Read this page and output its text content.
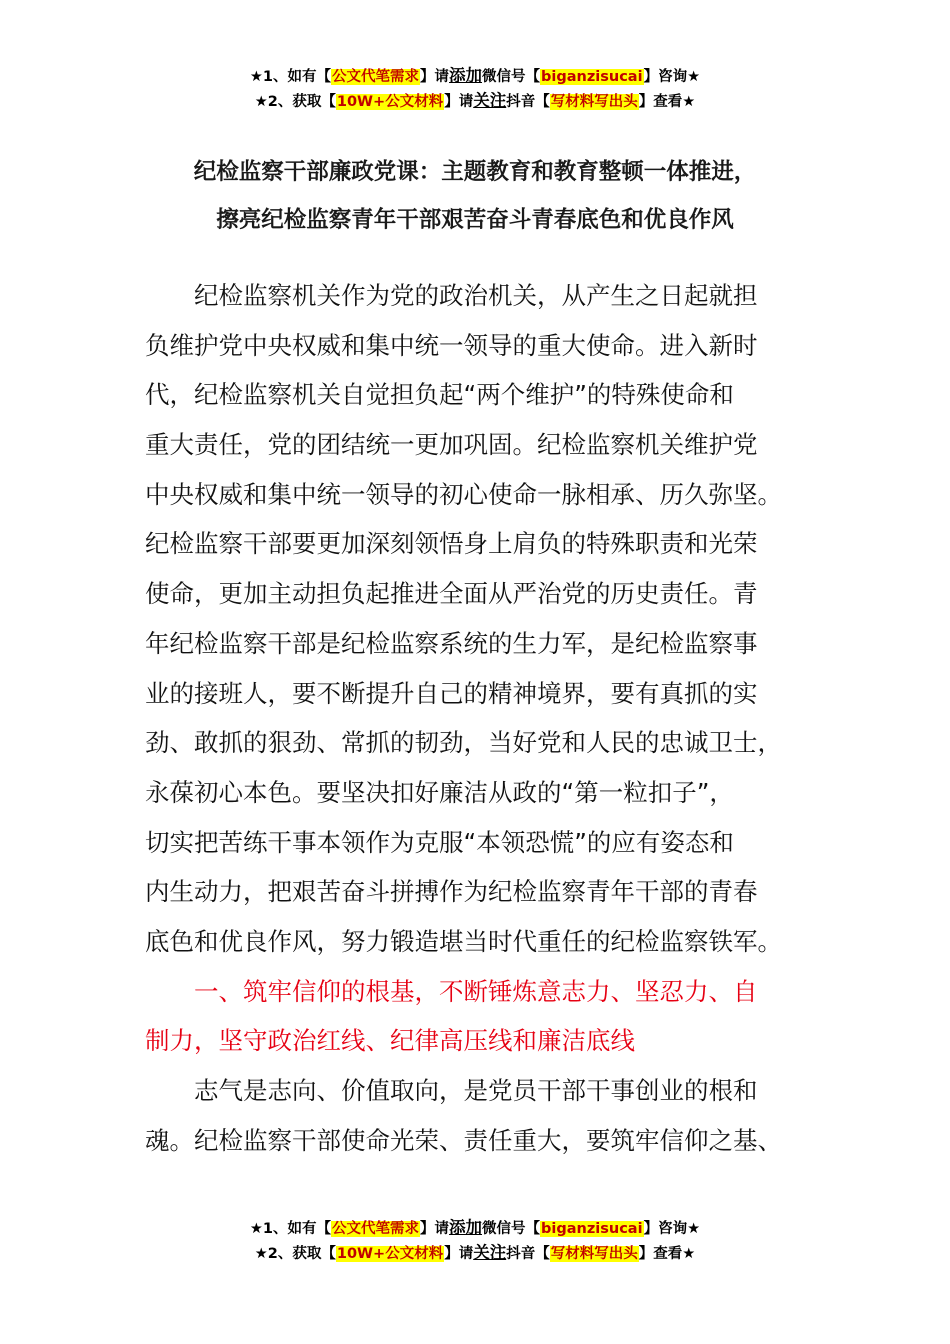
★1、如有【公文代笔需求】请添加微信号【biganzisucai】咨询★
★2、获取【10W+公文材料】请关注抖音【写材料写出头】查看★
纪检监察干部廉政党课：主题教育和教育整顿一体推进，
擦亮纪检监察青年干部艰苦奋斗青春底色和优良作风
纪检监察机关作为党的政治机关，从产生之日起就担
负维护党中央权威和集中统一领导的重大使命。进入新时
代，纪检监察机关自觉担负起“两个维护”的特殊使命和
重大责任，党的团结统一更加巩固。纪检监察机关维护党
中央权威和集中统一领导的初心使命一脉相承、历久弥坚。
纪检监察干部要更加深刻领悟身上肩负的特殊职责和光荣
使命，更加主动担负起推进全面从严治党的历史责任。青
年纪检监察干部是纪检监察系统的生力军，是纪检监察事
业的接班人，要不断提升自己的精神境界，要有真抓的实
劲、敢抓的狠劲、常抓的韧劲，当好党和人民的忠诚卫士，
永葆初心本色。要坚决扣好廉洁从政的“第一粒扣子”，
切实把苦练干事本领作为克服“本领恐慌”的应有姿态和
内生动力，把艰苦奋斗拼搏作为纪检监察青年干部的青春
底色和优良作风，努力锻造堪当时代重任的纪检监察铁军。
一、筑牢信仰的根基，不断锤炼意志力、坚忍力、自
制力，坚守政治红线、纪律高压线和廉洁底线
志气是志向、价值取向，是党员干部干事创业的根和
魂。纪检监察干部使命光荣、责任重大，要筑牢信仰之基、
★1、如有【公文代笔需求】请添加微信号【biganzisucai】咨询★
★2、获取【10W+公文材料】请关注抖音【写材料写出头】查看★
